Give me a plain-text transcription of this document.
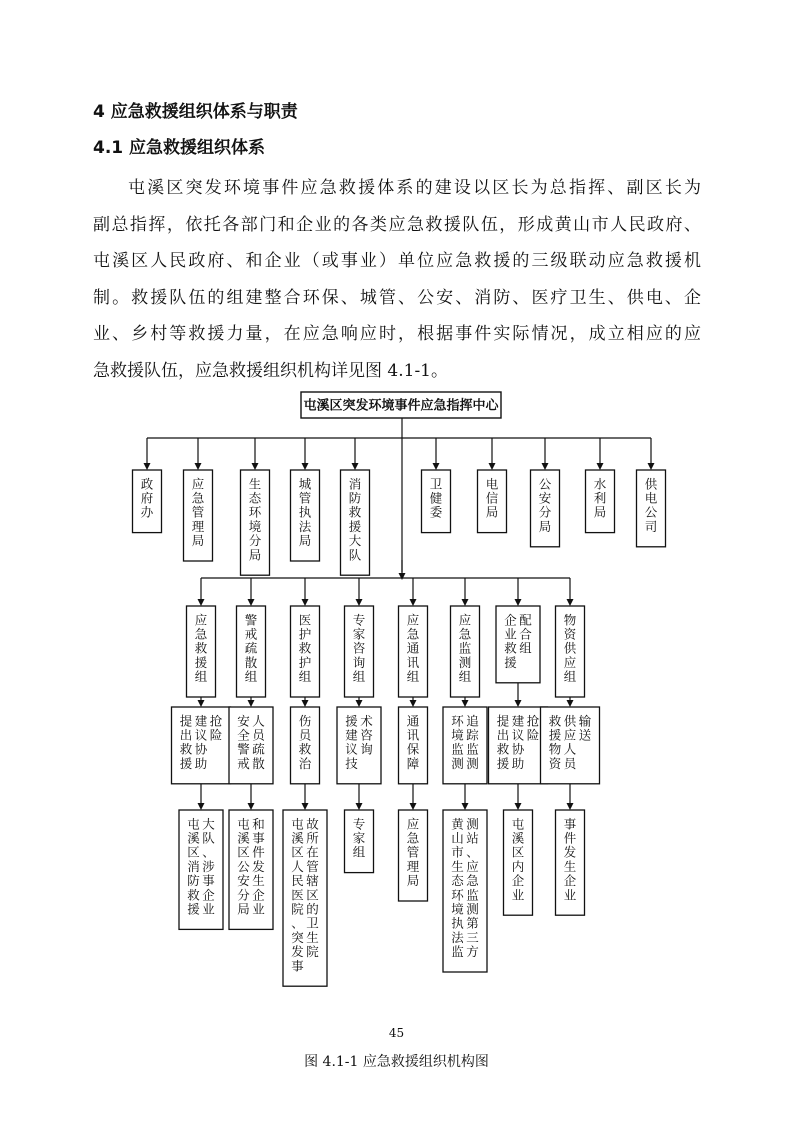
4 应急救援组织体系与职责
4.1 应急救援组织体系

屯溪区突发环境事件应急救援体系的建设以区长为总指挥、副区长为
副总指挥，依托各部门和企业的各类应急救援队伍，形成黄山市人民政府、
屯溪区人民政府、和企业（或事业）单位应急救援的三级联动应急救援机
制。救援队伍的组建整合环保、城管、公安、消防、医疗卫生、供电、企
业、乡村等救援力量，在应急响应时，根据事件实际情况，成立相应的应
急救援队伍，应急救援组织机构详见图 4.1-1。

屯溪区突发环境事件应急指挥中心
政
府
办
应
急
管
理
局
生
态
环
境
分
局
城
管
执
法
局
消
防
救
援
大
队
卫
健
委
电
信
局
公
安
分
局
水
利
局
供
电
公
司
应
急
救
援
组
提
出
救
援
建
议
协
助
抢
险
屯
溪
区
消
防
救
援
大
队
、
涉
事
企
业
警
戒
疏
散
组
安
全
警
戒
人
员
疏
散
屯
溪
区
公
安
分
局
和
事
件
发
生
企
业
医
护
救
护
组
伤
员
救
治
屯
溪
区
人
民
医
院
、
突
发
事
故
所
在
管
辖
区
的
卫
生
院
专
家
咨
询
组
援
建
议
技
术
咨
询
专
家
组
应
急
通
讯
组
通
讯
保
障
应
急
管
理
局
应
急
监
测
组
环
境
监
测
追
踪
监
测
黄
山
市
生
态
环
境
执
法
监
测
站
、
应
急
监
测
第
三
方
企
业
救
援
配
合
组
提
出
救
援
建
议
协
助
抢
险
屯
溪
区
内
企
业
物
资
供
应
组
救
援
物
资
供
应
人
员
输
送
事
件
发
生
企
业
45
图 4.1-1 应急救援组织机构图
